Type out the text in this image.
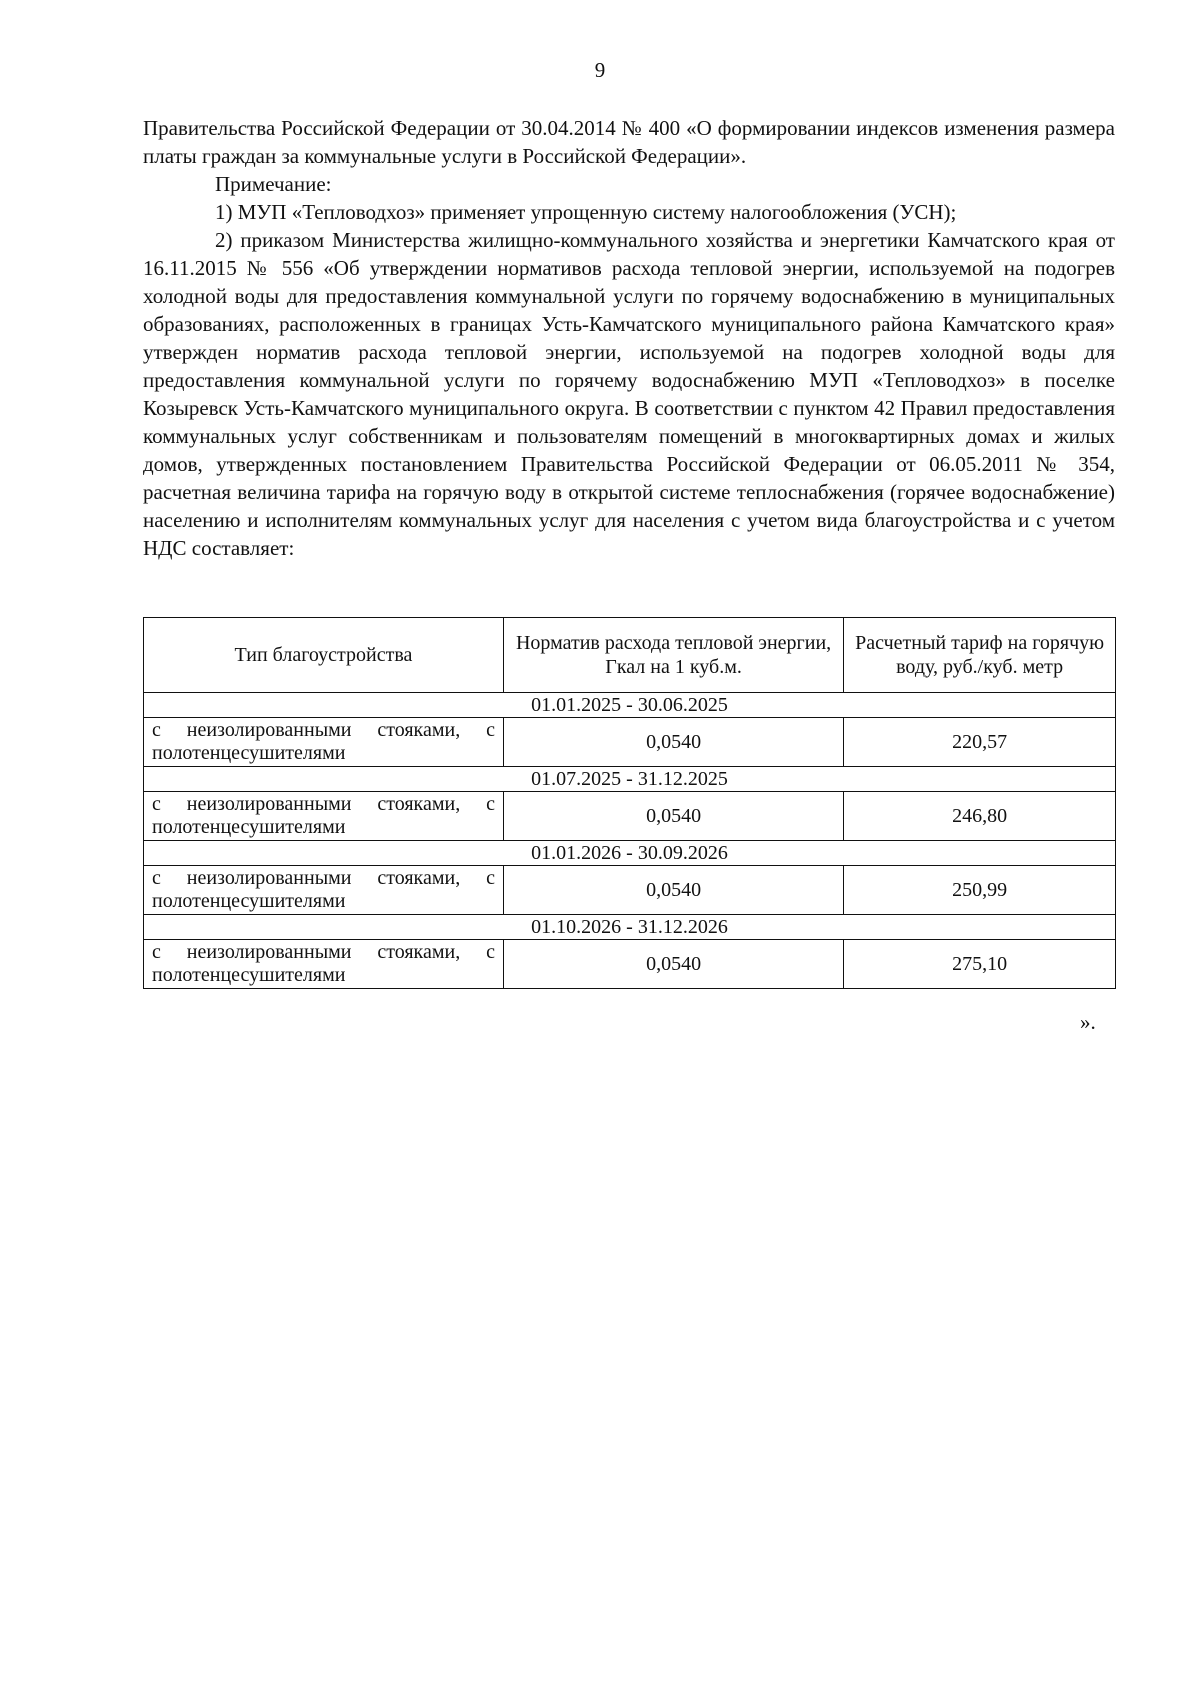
9

Правительства Российской Федерации от 30.04.2014 № 400 «О формировании индексов изменения размера платы граждан за коммунальные услуги в Российской Федерации».

Примечание:

1) МУП «Тепловодхоз» применяет упрощенную систему налогообложения (УСН);

2) приказом Министерства жилищно-коммунального хозяйства и энергетики Камчатского края от 16.11.2015 № 556 «Об утверждении нормативов расхода тепловой энергии, используемой на подогрев холодной воды для предоставления коммунальной услуги по горячему водоснабжению в муниципальных образованиях, расположенных в границах Усть-Камчатского муниципального района Камчатского края» утвержден норматив расхода тепловой энергии, используемой на подогрев холодной воды для предоставления коммунальной услуги по горячему водоснабжению МУП «Тепловодхоз» в поселке Козыревск Усть-Камчатского муниципального округа. В соответствии с пунктом 42 Правил предоставления коммунальных услуг собственникам и пользователям помещений в многоквартирных домах и жилых домов, утвержденных постановлением Правительства Российской Федерации от 06.05.2011 № 354, расчетная величина тарифа на горячую воду в открытой системе теплоснабжения (горячее водоснабжение) населению и исполнителям коммунальных услуг для населения с учетом вида благоустройства и с учетом НДС составляет:

Тип благоустройства	Норматив расхода тепловой энергии, Гкал на 1 куб.м.	Расчетный тариф на горячую воду, руб./куб. метр
01.01.2025 - 30.06.2025		
с неизолированными стояками, с полотенцесушителями	0,0540	220,57
01.07.2025 - 31.12.2025		
с неизолированными стояками, с полотенцесушителями	0,0540	246,80
01.01.2026 - 30.09.2026		
с неизолированными стояками, с полотенцесушителями	0,0540	250,99
01.10.2026 - 31.12.2026		
с неизолированными стояками, с полотенцесушителями	0,0540	275,10
».
